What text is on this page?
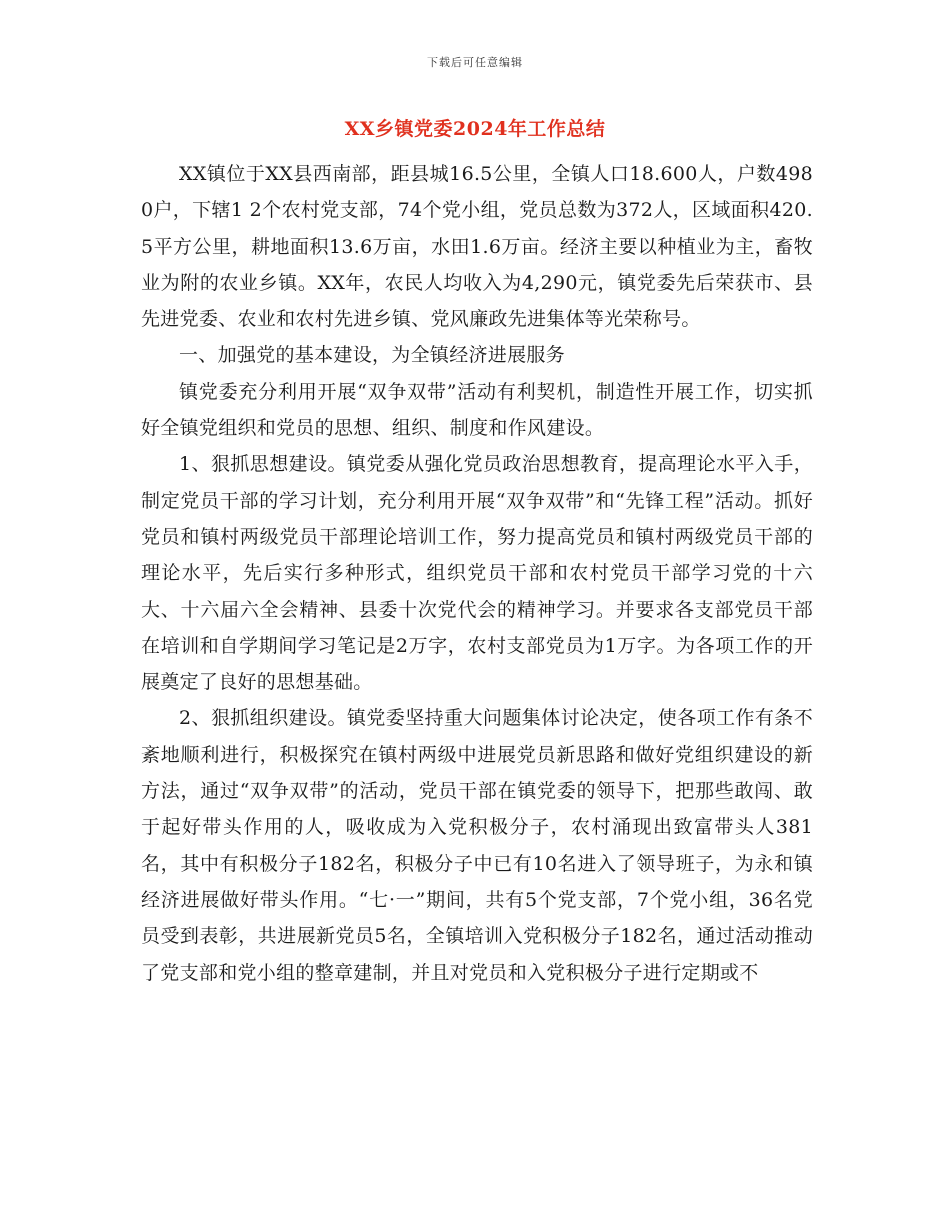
下载后可任意编辑
XX乡镇党委2024年工作总结

XX镇位于XX县西南部，距县城16.5公里，全镇人口18.600人，户数4980户，下辖1 2个农村党支部，74个党小组，党员总数为372人，区域面积420.5平方公里，耕地面积13.6万亩，水田1.6万亩。经济主要以种植业为主，畜牧业为附的农业乡镇。XX年，农民人均收入为4,290元，镇党委先后荣获市、县先进党委、农业和农村先进乡镇、党风廉政先进集体等光荣称号。

一、加强党的基本建设，为全镇经济进展服务

镇党委充分利用开展“双争双带”活动有利契机，制造性开展工作，切实抓好全镇党组织和党员的思想、组织、制度和作风建设。

1、狠抓思想建设。镇党委从强化党员政治思想教育，提高理论水平入手，制定党员干部的学习计划，充分利用开展“双争双带”和“先锋工程”活动。抓好党员和镇村两级党员干部理论培训工作，努力提高党员和镇村两级党员干部的理论水平，先后实行多种形式，组织党员干部和农村党员干部学习党的十六大、十六届六全会精神、县委十次党代会的精神学习。并要求各支部党员干部在培训和自学期间学习笔记是2万字，农村支部党员为1万字。为各项工作的开展奠定了良好的思想基础。

2、狠抓组织建设。镇党委坚持重大问题集体讨论决定，使各项工作有条不紊地顺利进行，积极探究在镇村两级中进展党员新思路和做好党组织建设的新方法，通过“双争双带”的活动，党员干部在镇党委的领导下，把那些敢闯、敢于起好带头作用的人，吸收成为入党积极分子，农村涌现出致富带头人381名，其中有积极分子182名，积极分子中已有10名进入了领导班子，为永和镇经济进展做好带头作用。“七·一”期间，共有5个党支部，7个党小组，36名党员受到表彰，共进展新党员5名，全镇培训入党积极分子182名，通过活动推动了党支部和党小组的整章建制，并且对党员和入党积极分子进行定期或不
